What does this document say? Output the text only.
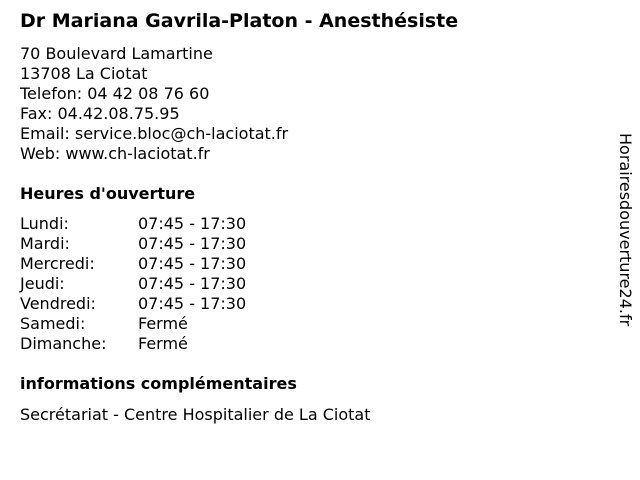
Dr Mariana Gavrila-Platon - Anesthésiste
70 Boulevard Lamartine
13708 La Ciotat
Telefon: 04 42 08 76 60
Fax: 04.42.08.75.95
Email: service.bloc@ch-laciotat.fr
Web: www.ch-laciotat.fr
Heures d'ouverture
Lundi:	07:45 - 17:30
Mardi:	07:45 - 17:30
Mercredi:	07:45 - 17:30
Jeudi:	07:45 - 17:30
Vendredi:	07:45 - 17:30
Samedi:	Fermé
Dimanche: Fermé
informations complémentaires
Secrétariat - Centre Hospitalier de La Ciotat
Horairesdouverture24.fr
